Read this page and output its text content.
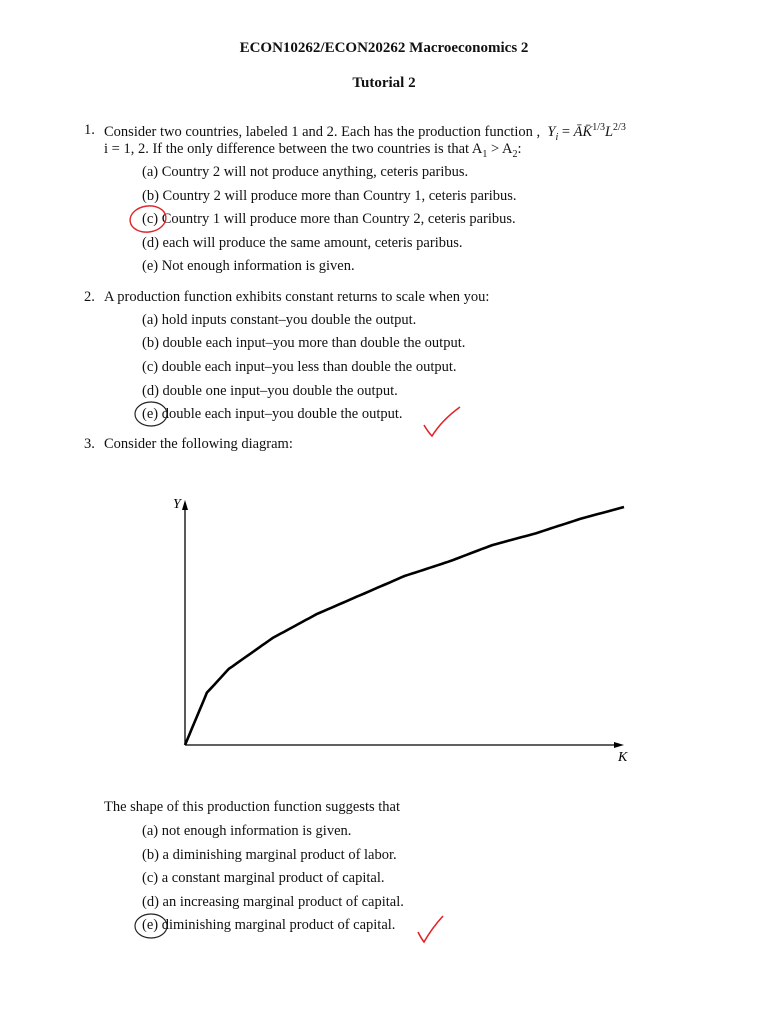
ECON10262/ECON20262 Macroeconomics 2
Tutorial 2
1. Consider two countries, labeled 1 and 2. Each has the production function , $Y_i$ = $ĀK̄^{1/3}L^{2/3}$
i = 1, 2. If the only difference between the two countries is that $A_1 > A_2$:
(a) Country 2 will not produce anything, ceteris paribus.
(b) Country 2 will produce more than Country 1, ceteris paribus.
(c) Country 1 will produce more than Country 2, ceteris paribus.
(d) each will produce the same amount, ceteris paribus.
(e) Not enough information is given.
2. A production function exhibits constant returns to scale when you:
(a) hold inputs constant–you double the output.
(b) double each input–you more than double the output.
(c) double each input–you less than double the output.
(d) double one input–you double the output.
(e) double each input–you double the output.
3. Consider the following diagram:
Y
K
The shape of this production function suggests that
(a) not enough information is given.
(b) a diminishing marginal product of labor.
(c) a constant marginal product of capital.
(d) an increasing marginal product of capital.
(e) diminishing marginal product of capital.
